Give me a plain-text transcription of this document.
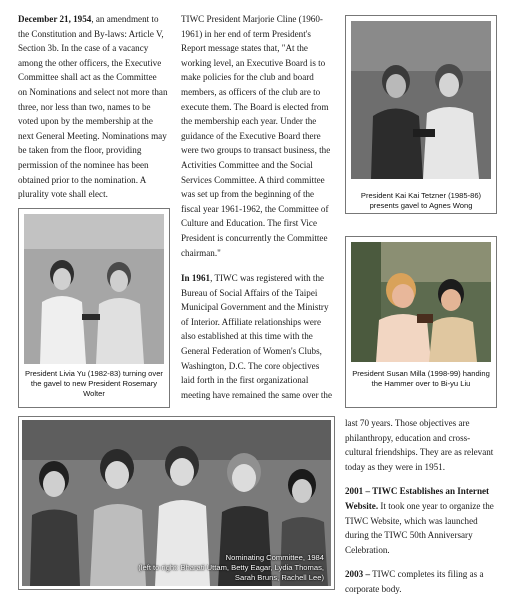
December 21, 1954, an amendment to the Constitution and By-laws: Article V, Section 3b. In the case of a vacancy among the other officers, the Executive Committee shall act as the Committee on Nominations and select not more than three, nor less than two, names to be voted upon by the membership at the next General Meeting. Nominations may be taken from the floor, providing permission of the nominee has been obtained prior to the nomination. A plurality vote shall elect.

TIWC President Marjorie Cline (1960-1961) in her end of term President's Report message states that, "At the working level, an Executive Board is to make policies for the club and board members, as officers of the club are to execute them. The Board is elected from the membership each year. Under the guidance of the Executive Board there were two groups to transact business, the Activities Committee and the Social Services Committee. A third committee was set up from the beginning of the fiscal year 1961-1962, the Committee of Culture and Education. The first Vice President is concurrently the Committee chairman."

In 1961, TIWC was registered with the Bureau of Social Affairs of the Taipei Municipal Government and the Ministry of Interior. Affiliate relationships were also established at this time with the General Federation of Women's Clubs, Washington, D.C. The core objectives laid forth in the first organizational meeting have remained the same over the

last 70 years. Those objectives are philanthropy, education and cross-cultural friendships. They are as relevant today as they were in 1951.

2001 – TIWC Establishes an Internet Website. It took one year to organize the TIWC Website, which was launched during the TIWC 50th Anniversary Celebration.

2003 – TIWC completes its filing as a corporate body.

President Kai Kai Tetzner (1985-86) presents gavel to Agnes Wong
President Livia Yu (1982-83) turning over the gavel to new President Rosemary Wolter
President Susan Milla (1998-99) handing the Hammer over to Bi-yu Liu
Nominating Committee, 1984
(left to right: Bharati Uttam, Betty Eagar, Lydia Thomas, Sarah Bruns, Rachell Lee)
